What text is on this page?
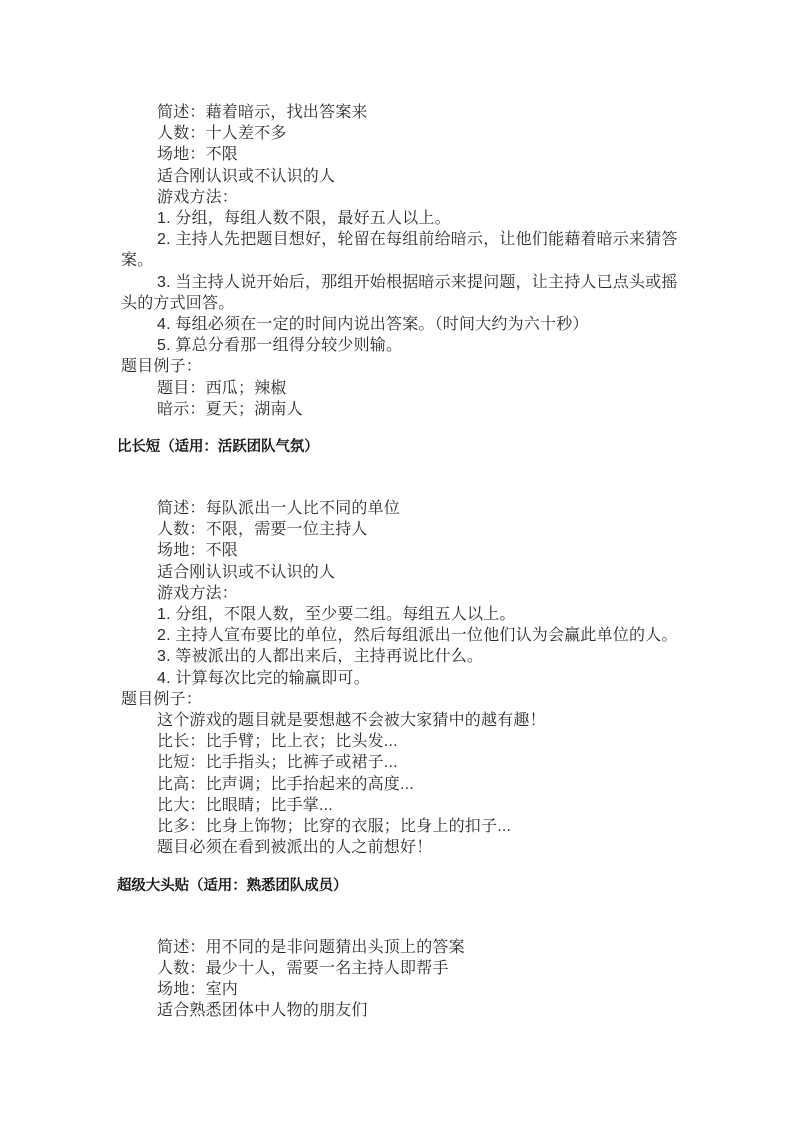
简述：藉着暗示，找出答案来
人数：十人差不多
场地：不限
适合刚认识或不认识的人
游戏方法：
1. 分组，每组人数不限，最好五人以上。
2. 主持人先把题目想好，轮留在每组前给暗示，让他们能藉着暗示来猜答
案。
3. 当主持人说开始后，那组开始根据暗示来提问题，让主持人已点头或摇
头的方式回答。
4. 每组必须在一定的时间内说出答案。（时间大约为六十秒）
5. 算总分看那一组得分较少则输。
题目例子：
题目：西瓜；辣椒
暗示：夏天；湖南人
比长短（适用：活跃团队气氛）
简述：每队派出一人比不同的单位
人数：不限，需要一位主持人
场地：不限
适合刚认识或不认识的人
游戏方法：
1. 分组，不限人数，至少要二组。每组五人以上。
2. 主持人宣布要比的单位，然后每组派出一位他们认为会赢此单位的人。
3. 等被派出的人都出来后，主持再说比什么。
4. 计算每次比完的输赢即可。
题目例子：
这个游戏的题目就是要想越不会被大家猜中的越有趣！
比长：比手臂；比上衣；比头发...
比短：比手指头；比裤子或裙子...
比高：比声调；比手抬起来的高度...
比大：比眼睛；比手掌...
比多：比身上饰物；比穿的衣服；比身上的扣子...
题目必须在看到被派出的人之前想好！
超级大头贴（适用：熟悉团队成员）
简述：用不同的是非问题猜出头顶上的答案
人数：最少十人，需要一名主持人即帮手
场地：室内
适合熟悉团体中人物的朋友们
